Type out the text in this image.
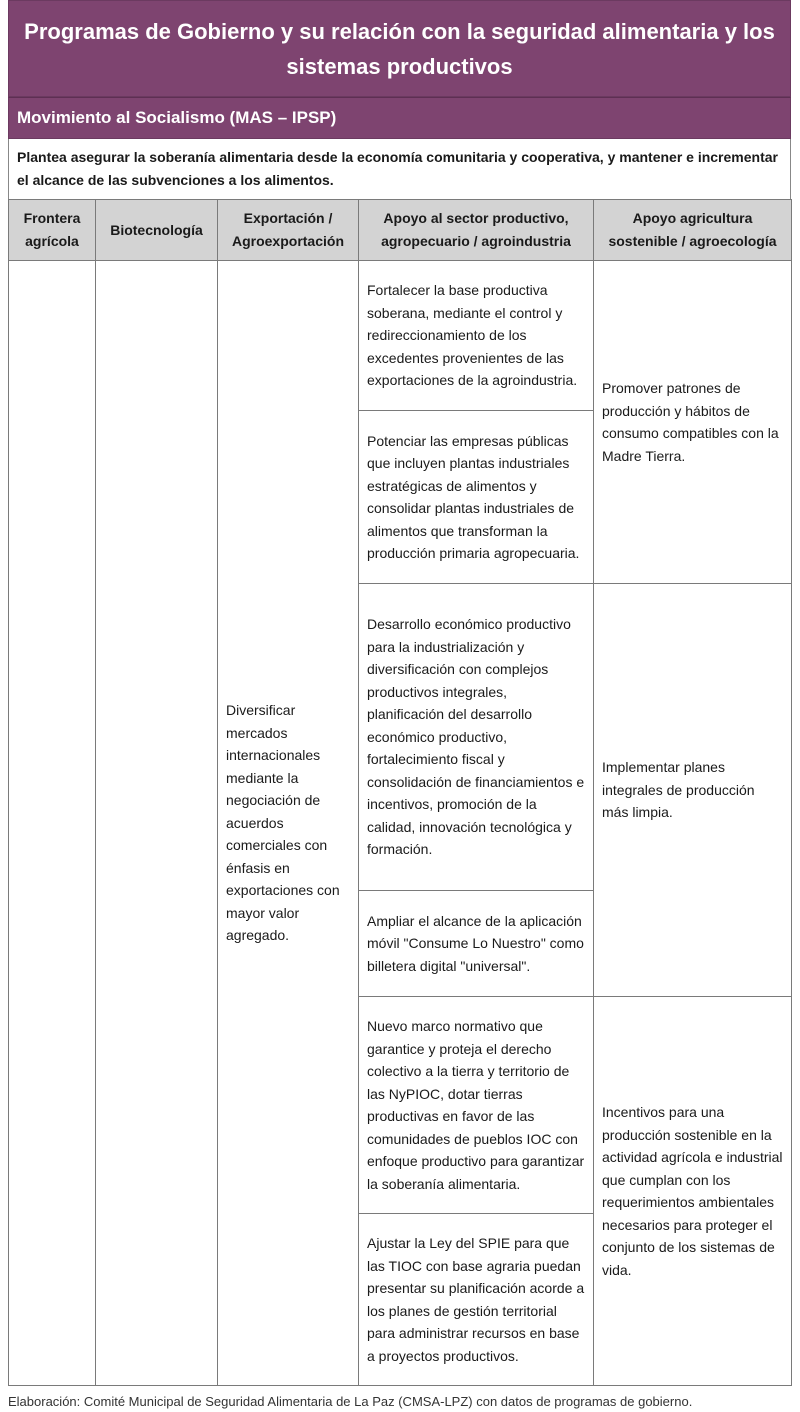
Programas de Gobierno y su relación con la seguridad alimentaria y los sistemas productivos
Movimiento al Socialismo (MAS – IPSP)
Plantea asegurar la soberanía alimentaria desde la economía comunitaria y cooperativa, y mantener e incrementar el alcance de las subvenciones a los alimentos.
Frontera agrícola	Biotecnología	Exportación / Agroexportación	Apoyo al sector productivo, agropecuario / agroindustria	Apoyo agricultura sostenible / agroecología
		Diversificar mercados internacionales mediante la negociación de acuerdos comerciales con énfasis en exportaciones con mayor valor agregado.	Fortalecer la base productiva soberana, mediante el control y redireccionamiento de los excedentes provenientes de las exportaciones de la agroindustria.	Promover patrones de producción y hábitos de consumo compatibles con la Madre Tierra.
			Potenciar las empresas públicas que incluyen plantas industriales estratégicas de alimentos y consolidar plantas industriales de alimentos que transforman la producción primaria agropecuaria.	
			Desarrollo económico productivo para la industrialización y diversificación con complejos productivos integrales, planificación del desarrollo económico productivo, fortalecimiento fiscal y consolidación de financiamientos e incentivos, promoción de la calidad, innovación tecnológica y formación.	Implementar planes integrales de producción más limpia.
			Ampliar el alcance de la aplicación móvil "Consume Lo Nuestro" como billetera digital "universal".	
			Nuevo marco normativo que garantice y proteja el derecho colectivo a la tierra y territorio de las NyPIOC, dotar tierras productivas en favor de las comunidades de pueblos IOC con enfoque productivo para garantizar la soberanía alimentaria.	Incentivos para una producción sostenible en la actividad agrícola e industrial que cumplan con los requerimientos ambientales necesarios para proteger el conjunto de los sistemas de vida.
			Ajustar la Ley del SPIE para que las TIOC con base agraria puedan presentar su planificación acorde a los planes de gestión territorial para administrar recursos en base a proyectos productivos.	
Elaboración: Comité Municipal de Seguridad Alimentaria de La Paz (CMSA-LPZ) con datos de programas de gobierno.
